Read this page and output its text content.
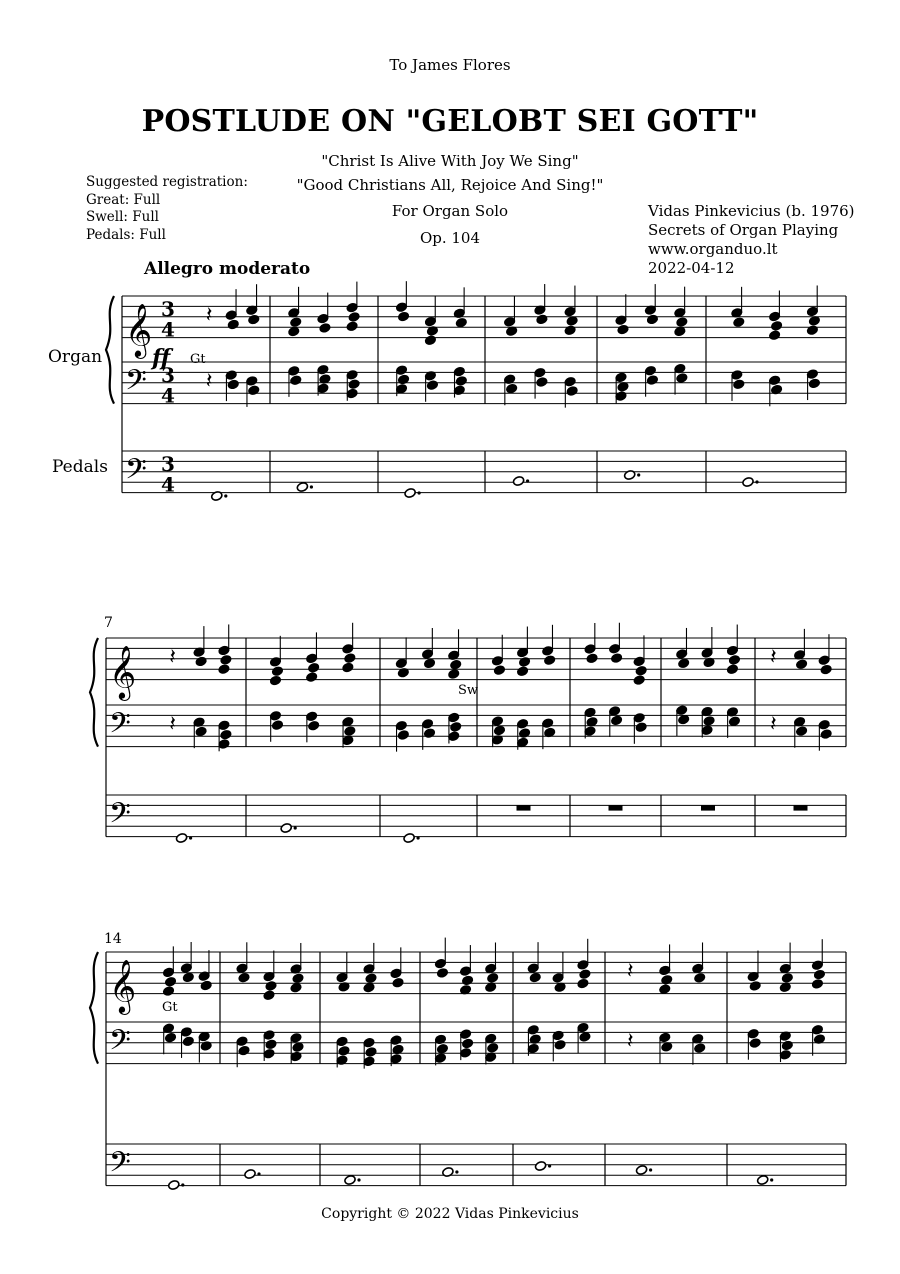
To James Flores
POSTLUDE ON "GELOBT SEI GOTT"
"Christ Is Alive With Joy We Sing"
"Good Christians All, Rejoice And Sing!"
For Organ Solo
Op. 104
Suggested registration:
Great: Full
Swell: Full
Pedals: Full
Vidas Pinkevicius (b. 1976)
Secrets of Organ Playing
www.organduo.lt
2022-04-12
Allegro moderato
𝄞
𝄢
𝄢
3
4
3
4
3
4
𝄽
𝄽
𝄞
𝄢
𝄢
𝄽
𝄽
𝄽
𝄽
𝄞
𝄢
𝄢
𝄽
𝄽
Organ
Pedals
7
14
ff Gt
Sw
Gt
Copyright © 2022 Vidas Pinkevicius
